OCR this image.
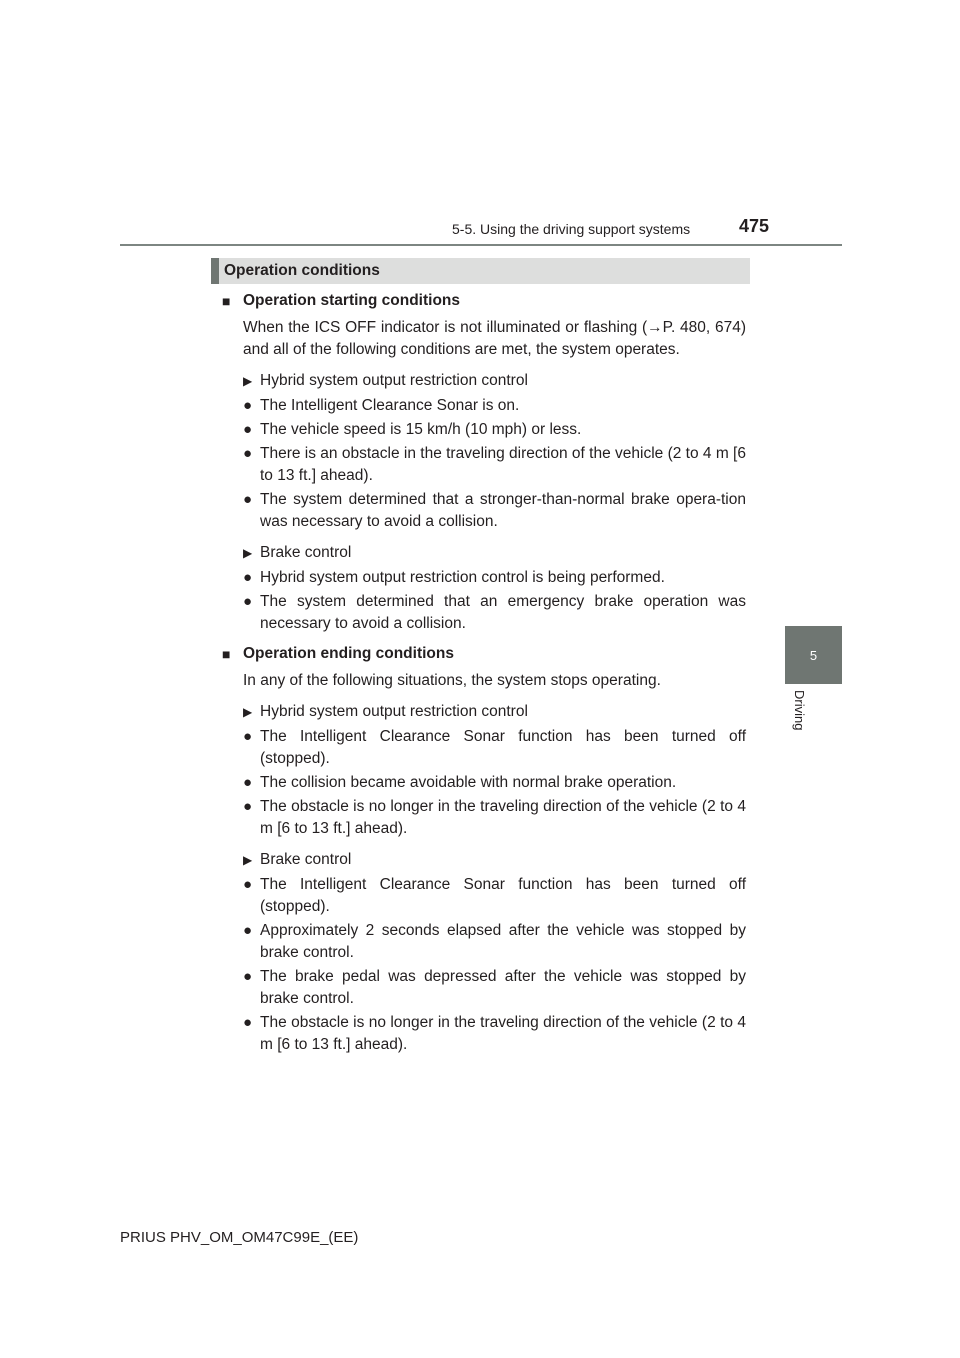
5-5. Using the driving support systems	475
5
Driving
Operation conditions
■ Operation starting conditions
When the ICS OFF indicator is not illuminated or flashing (→P. 480, 674) and all of the following conditions are met, the system operates.
▶ Hybrid system output restriction control
● The Intelligent Clearance Sonar is on.
● The vehicle speed is 15 km/h (10 mph) or less.
● There is an obstacle in the traveling direction of the vehicle (2 to 4 m [6 to 13 ft.] ahead).
● The system determined that a stronger-than-normal brake opera-tion was necessary to avoid a collision.
▶ Brake control
● Hybrid system output restriction control is being performed.
● The system determined that an emergency brake operation was necessary to avoid a collision.
■ Operation ending conditions
In any of the following situations, the system stops operating.
▶ Hybrid system output restriction control
● The Intelligent Clearance Sonar function has been turned off (stopped).
● The collision became avoidable with normal brake operation.
● The obstacle is no longer in the traveling direction of the vehicle (2 to 4 m [6 to 13 ft.] ahead).
▶ Brake control
● The Intelligent Clearance Sonar function has been turned off (stopped).
● Approximately 2 seconds elapsed after the vehicle was stopped by brake control.
● The brake pedal was depressed after the vehicle was stopped by brake control.
● The obstacle is no longer in the traveling direction of the vehicle (2 to 4 m [6 to 13 ft.] ahead).
PRIUS PHV_OM_OM47C99E_(EE)
